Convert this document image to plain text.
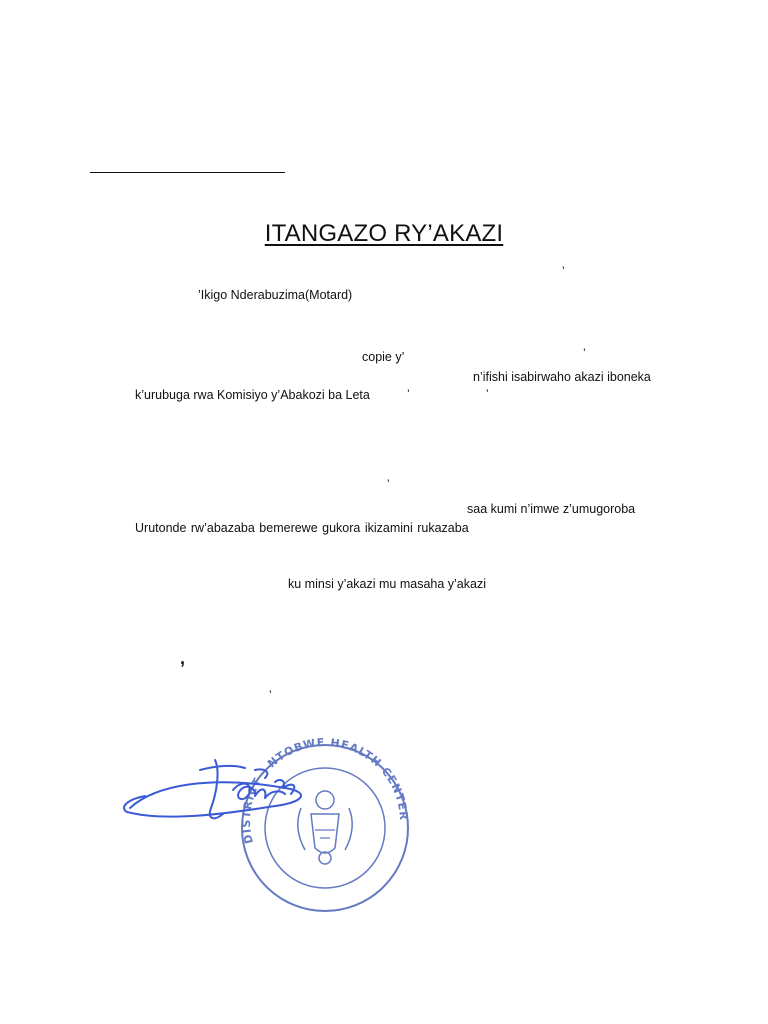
ITANGAZO RY’AKAZI
’
’Ikigo Nderabuzima(Motard)
copie y’	’
n’ifishi isabirwaho akazi iboneka
k’urubuga rwa Komisiyo y’Abakozi ba Leta	’	’
’
saa kumi n’imwe z’umugoroba
Urutonde rw’abazaba bemerewe gukora ikizamini rukazaba
ku minsi y’akazi mu masaha y’akazi
,
’
DISTRICT - NTOBWE HEALTH CENTER
